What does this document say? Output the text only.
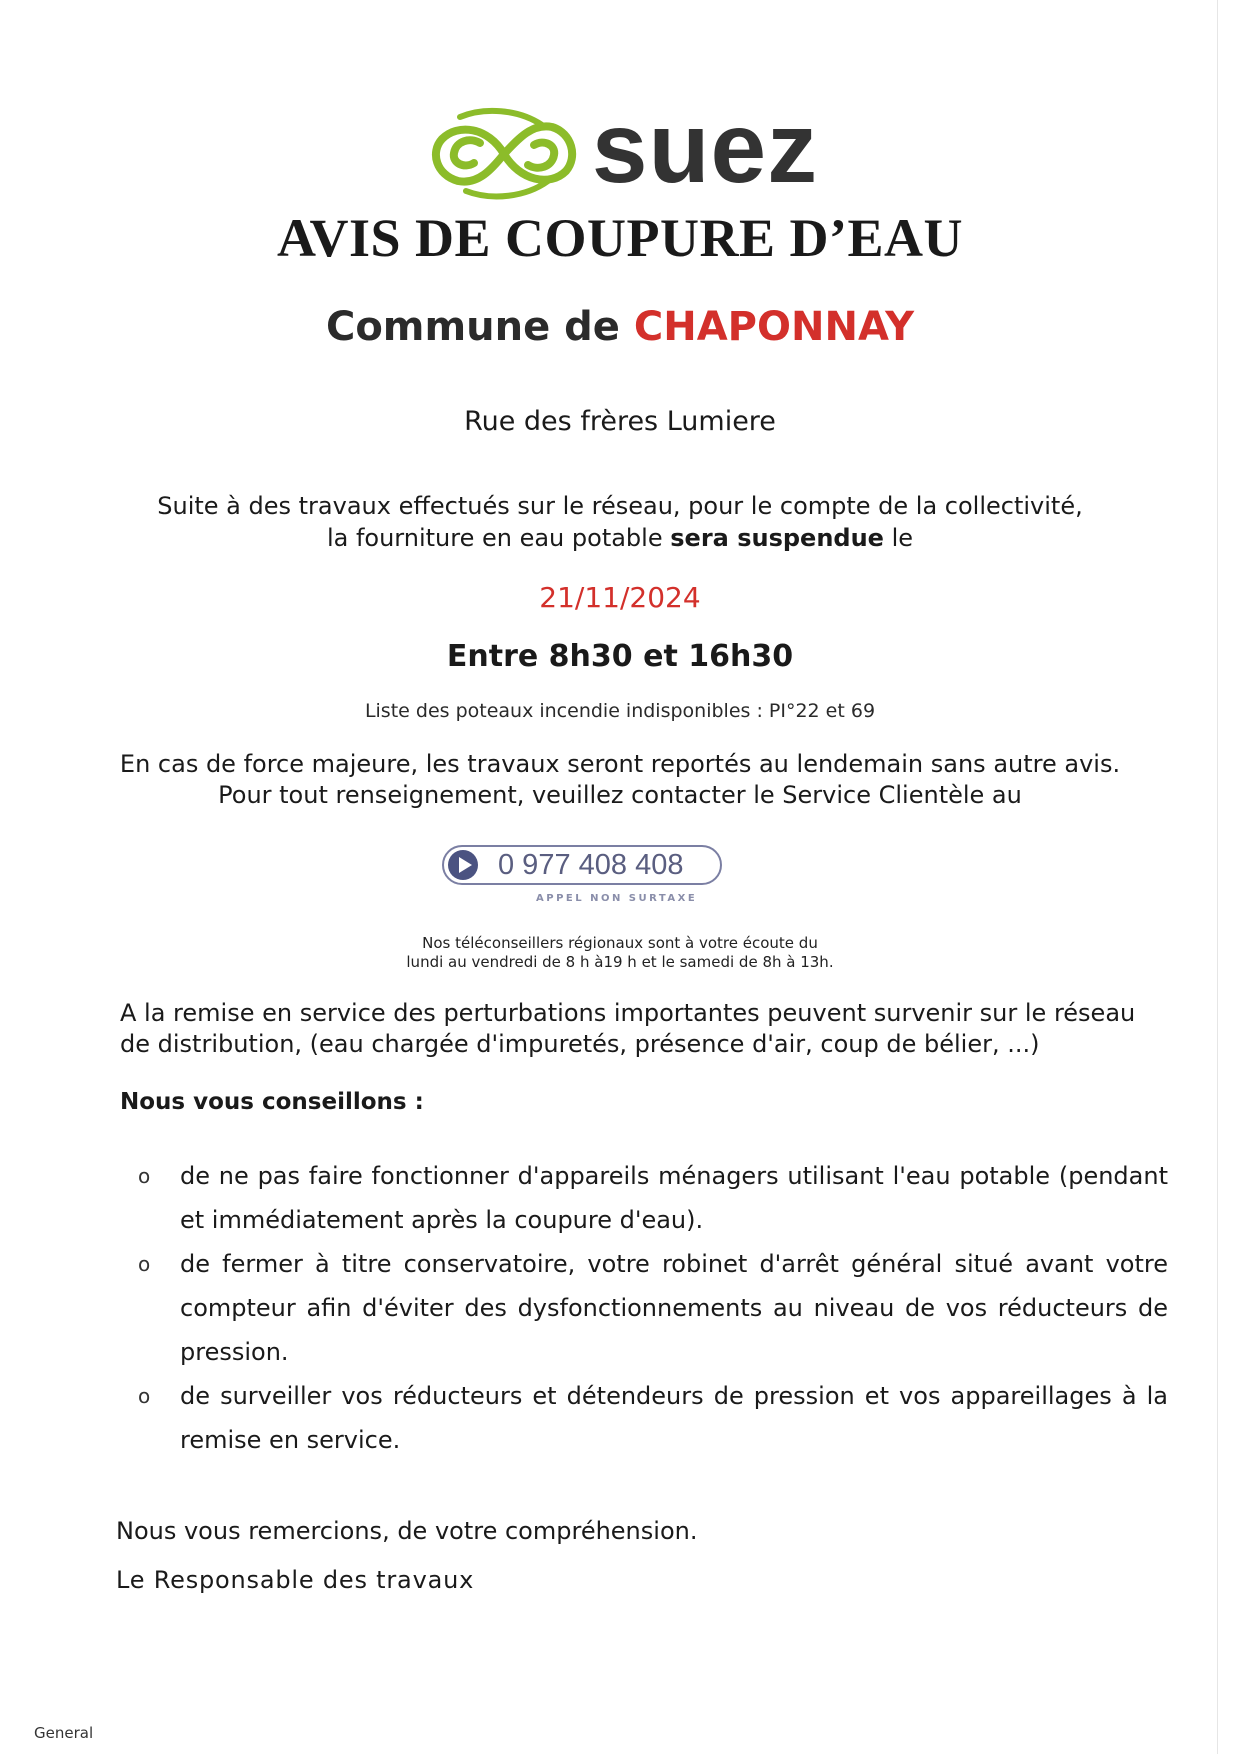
suez
AVIS DE COUPURE D’EAU
Commune de CHAPONNAY
Rue des frères Lumiere
Suite à des travaux effectués sur le réseau, pour le compte de la collectivité,
la fourniture en eau potable sera suspendue le
21/11/2024
Entre 8h30 et 16h30
Liste des poteaux incendie indisponibles : PI°22 et 69
En cas de force majeure, les travaux seront reportés au lendemain sans autre avis.
Pour tout renseignement, veuillez contacter le Service Clientèle au
0 977 408 408
APPEL NON SURTAXE
Nos téléconseillers régionaux sont à votre écoute du
lundi au vendredi de 8 h à19 h et le samedi de 8h à 13h.
A la remise en service des perturbations importantes peuvent survenir sur le réseau
de distribution, (eau chargée d'impuretés, présence d'air, coup de bélier, ...)
Nous vous conseillons :
o de ne pas faire fonctionner d'appareils ménagers utilisant l'eau potable (pendant et immédiatement après la coupure d'eau).
o de fermer à titre conservatoire, votre robinet d'arrêt général situé avant votre compteur afin d'éviter des dysfonctionnements au niveau de vos réducteurs de pression.
o de surveiller vos réducteurs et détendeurs de pression et vos appareillages à la remise en service.
Nous vous remercions, de votre compréhension.
Le Responsable des travaux
General
